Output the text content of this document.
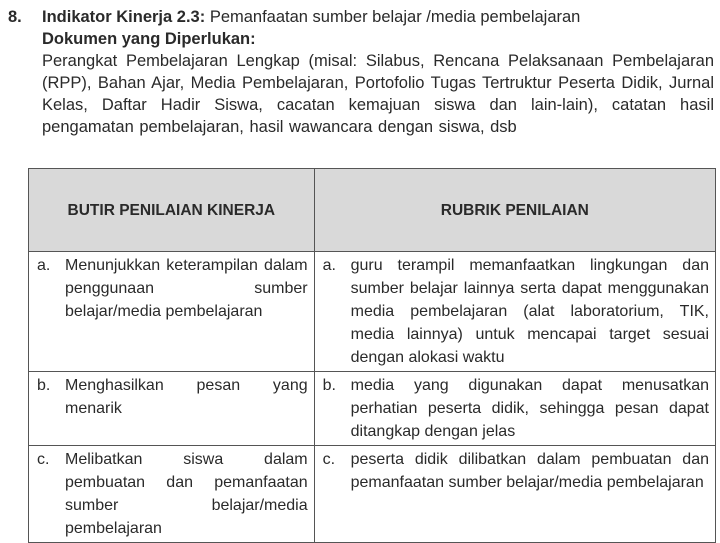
8. Indikator Kinerja 2.3: Pemanfaatan sumber belajar /media pembelajaran
Dokumen yang Diperlukan:
Perangkat Pembelajaran Lengkap (misal: Silabus, Rencana Pelaksanaan Pembelajaran (RPP), Bahan Ajar, Media Pembelajaran, Portofolio Tugas Tertruktur Peserta Didik, Jurnal Kelas, Daftar Hadir Siswa, cacatan kemajuan siswa dan lain-lain), catatan hasil pengamatan pembelajaran, hasil wawancara dengan siswa, dsb
BUTIR PENILAIAN KINERJA	RUBRIK PENILAIAN

a. Menunjukkan keterampilan dalam penggunaan sumber belajar/media pembelajaran	a. guru terampil memanfaatkan lingkungan dan sumber belajar lainnya serta dapat menggunakan media pembelajaran (alat laboratorium, TIK, media lainnya) untuk mencapai target sesuai dengan alokasi waktu

b. Menghasilkan pesan yang menarik	b. media yang digunakan dapat menusatkan perhatian peserta didik, sehingga pesan dapat ditangkap dengan jelas

c. Melibatkan siswa dalam pembuatan dan pemanfaatan sumber belajar/media pembelajaran	c. peserta didik dilibatkan dalam pembuatan dan pemanfaatan sumber belajar/media pembelajaran
